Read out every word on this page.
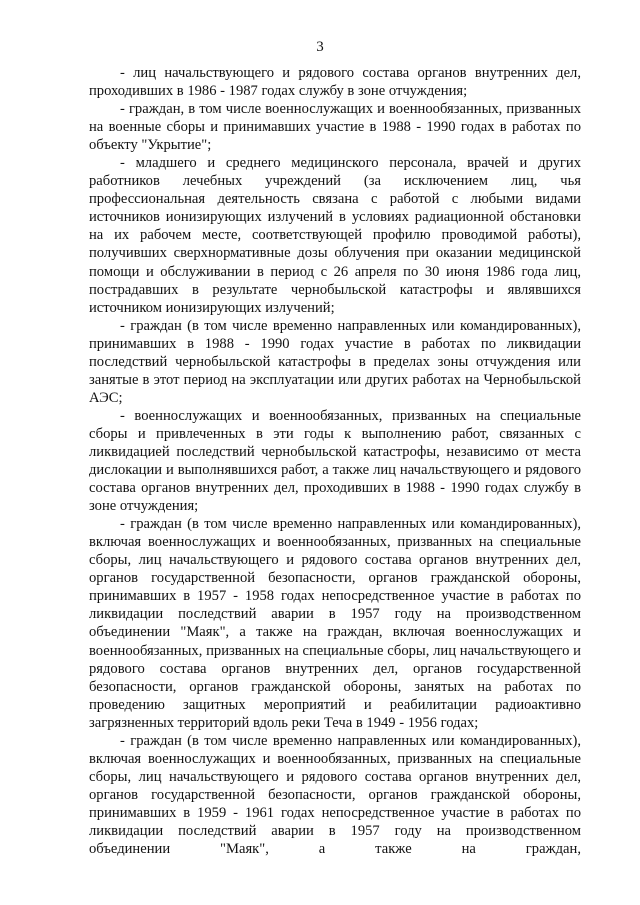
3

- лиц начальствующего и рядового состава органов внутренних дел, проходивших в 1986 - 1987 годах службу в зоне отчуждения;

- граждан, в том числе военнослужащих и военнообязанных, призванных на военные сборы и принимавших участие в 1988 - 1990 годах в работах по объекту "Укрытие";

- младшего и среднего медицинского персонала, врачей и других работников лечебных учреждений (за исключением лиц, чья профессиональная деятельность связана с работой с любыми видами источников ионизирующих излучений в условиях радиационной обстановки на их рабочем месте, соответствующей профилю проводимой работы), получивших сверхнормативные дозы облучения при оказании медицинской помощи и обслуживании в период с 26 апреля по 30 июня 1986 года лиц, пострадавших в результате чернобыльской катастрофы и являвшихся источником ионизирующих излучений;

- граждан (в том числе временно направленных или командированных), принимавших в 1988 - 1990 годах участие в работах по ликвидации последствий чернобыльской катастрофы в пределах зоны отчуждения или занятые в этот период на эксплуатации или других работах на Чернобыльской АЭС;

- военнослужащих и военнообязанных, призванных на специальные сборы и привлеченных в эти годы к выполнению работ, связанных с ликвидацией последствий чернобыльской катастрофы, независимо от места дислокации и выполнявшихся работ, а также лиц начальствующего и рядового состава органов внутренних дел, проходивших в 1988 - 1990 годах службу в зоне отчуждения;

- граждан (в том числе временно направленных или командированных), включая военнослужащих и военнообязанных, призванных на специальные сборы, лиц начальствующего и рядового состава органов внутренних дел, органов государственной безопасности, органов гражданской обороны, принимавших в 1957 - 1958 годах непосредственное участие в работах по ликвидации последствий аварии в 1957 году на производственном объединении "Маяк", а также на граждан, включая военнослужащих и военнообязанных, призванных на специальные сборы, лиц начальствующего и рядового состава органов внутренних дел, органов государственной безопасности, органов гражданской обороны, занятых на работах по проведению защитных мероприятий и реабилитации радиоактивно загрязненных территорий вдоль реки Теча в 1949 - 1956 годах;

- граждан (в том числе временно направленных или командированных), включая военнослужащих и военнообязанных, призванных на специальные сборы, лиц начальствующего и рядового состава органов внутренних дел, органов государственной безопасности, органов гражданской обороны, принимавших в 1959 - 1961 годах непосредственное участие в работах по ликвидации последствий аварии в 1957 году на производственном объединении "Маяк", а также на граждан,
